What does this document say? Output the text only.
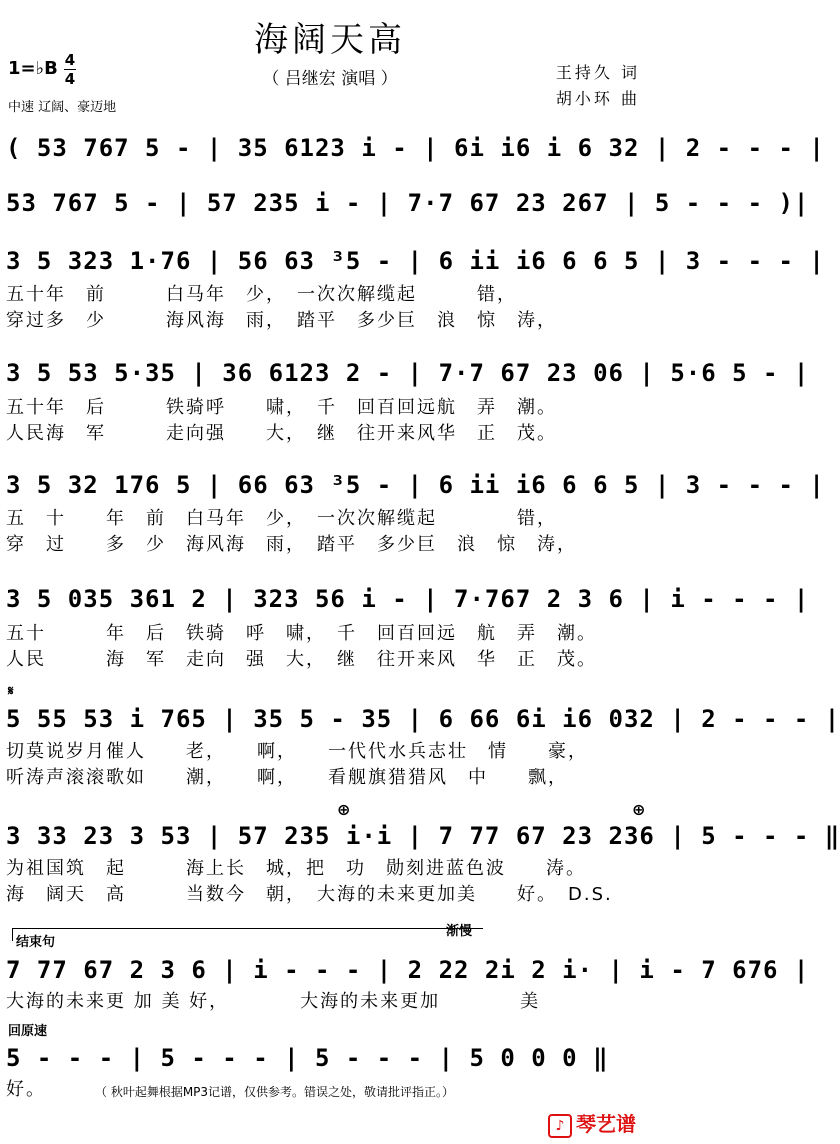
海阔天高
1=♭B 4
4
中速 辽阔、豪迈地
（ 吕继宏 演唱 ）	王持久 词
胡小环 曲
( 53 767 5 - | 35 6123 i - | 6i i6 i 6 32 | 2 - - - |
53 767 5 - | 57 235 i - | 7·7 67 23 267 | 5 - - - )|
3 5 323 1·76 | 56 63 ³5 - | 6 ii i6 6 6 5 | 3 - - - |
五十年　前　　　白马年　少，　一次次解缆起　　　错，
穿过多　少　　　海风海　雨，　踏平　多少巨　浪　惊　涛，
3 5 53 5·35 | 36 6123 2 - | 7·7 67 23 06 | 5·6 5 - |
五十年　后　　　铁骑呼　　啸，　千　回百回远航　弄　潮。
人民海　军　　　走向强　　大，　继　往开来风华　正　茂。
3 5 32 176 5 | 66 63 ³5 - | 6 ii i6 6 6 5 | 3 - - - |
五　十　　年　前　白马年　少，　一次次解缆起　　　　错，
穿　过　　多　少　海风海　雨，　踏平　多少巨　浪　惊　涛，
3 5 035 361 2 | 323 56 i - | 7·767 2 3 6 | i - - - |
五十　　　年　后　铁骑　呼　啸，　千　回百回远　航　弄　潮。
人民　　　海　军　走向　强　大，　继　往开来风　华　正　茂。
𝄋
5 55 53 i 765 | 35 5 - 35 | 6 66 6i i6 032 | 2 - - - |
切莫说岁月催人　　老，　　啊，　　一代代水兵志壮　情　　豪，
听涛声滚滚歌如　　潮，　　啊，　　看舰旗猎猎风　中　　飘，
⊕	⊕
3 33 23 3 53 | 57 235 i·i | 7 77 67 23 236 | 5 - - - ‖
为祖国筑　起　　　海上长　城，把　功　勋刻进蓝色波　　涛。
海　阔天　高　　　当数今　朝，　大海的未来更加美　　好。　D.S.
结束句
渐慢
7 77 67 2 3 6 | i - - - | 2 22 2i 2 i· | i - 7 676 |
大海的未来更 加 美 好，　　　　大海的未来更加　　　　美
回原速
5 - - - | 5 - - - | 5 - - - | 5 0 0 0 ‖
好。	（ 秋叶起舞根据MP3记谱，仅供参考。错误之处，敬请批评指正。）
♪ 琴艺谱
